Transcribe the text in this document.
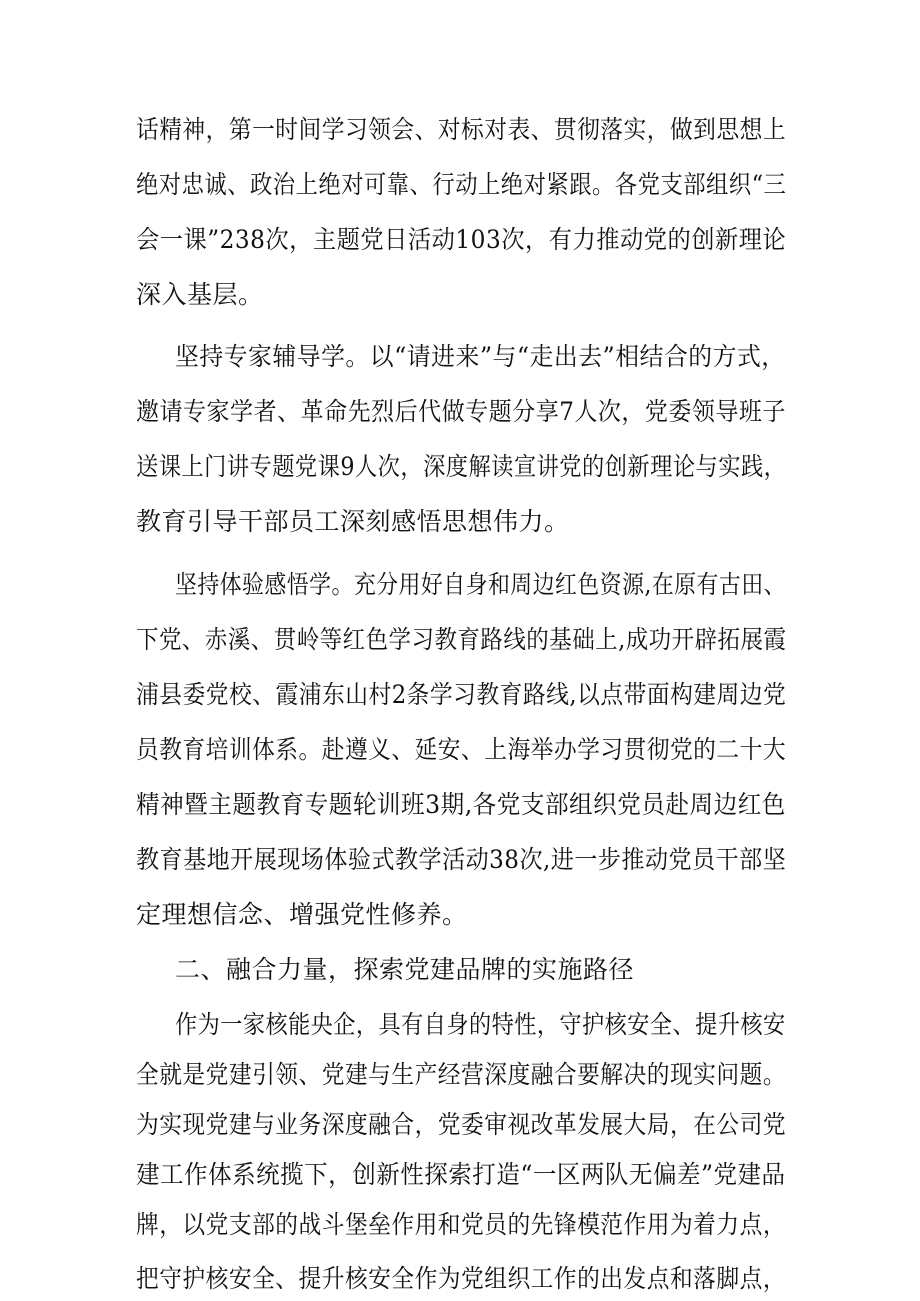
话精神，第一时间学习领会、对标对表、贯彻落实，做到思想上
绝对忠诚、政治上绝对可靠、行动上绝对紧跟。各党支部组织“三
会一课”238次，主题党日活动103次，有力推动党的创新理论
深入基层。
坚持专家辅导学。以“请进来”与“走出去”相结合的方式，
邀请专家学者、革命先烈后代做专题分享7人次，党委领导班子
送课上门讲专题党课9人次，深度解读宣讲党的创新理论与实践，
教育引导干部员工深刻感悟思想伟力。
坚持体验感悟学。充分用好自身和周边红色资源,在原有古田、
下党、赤溪、贯岭等红色学习教育路线的基础上,成功开辟拓展霞
浦县委党校、霞浦东山村2条学习教育路线,以点带面构建周边党
员教育培训体系。赴遵义、延安、上海举办学习贯彻党的二十大
精神暨主题教育专题轮训班3期,各党支部组织党员赴周边红色
教育基地开展现场体验式教学活动38次,进一步推动党员干部坚
定理想信念、增强党性修养。
二、融合力量，探索党建品牌的实施路径
作为一家核能央企，具有自身的特性，守护核安全、提升核安
全就是党建引领、党建与生产经营深度融合要解决的现实问题。
为实现党建与业务深度融合，党委审视改革发展大局，在公司党
建工作体系统揽下，创新性探索打造“一区两队无偏差”党建品
牌，以党支部的战斗堡垒作用和党员的先锋模范作用为着力点，
把守护核安全、提升核安全作为党组织工作的出发点和落脚点，
